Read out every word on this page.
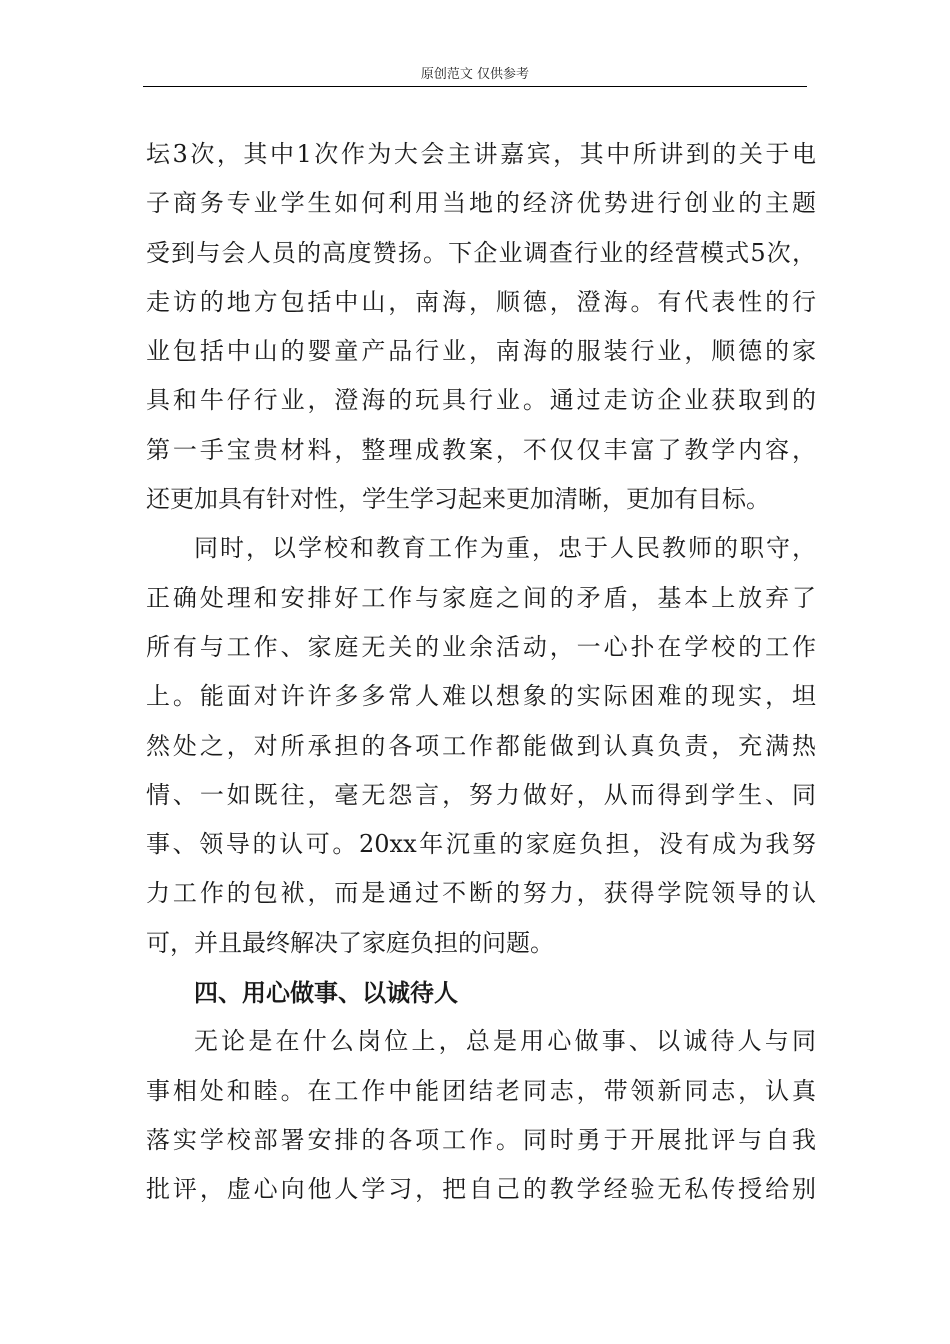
原创范文 仅供参考
坛3次，其中1次作为大会主讲嘉宾，其中所讲到的关于电
子商务专业学生如何利用当地的经济优势进行创业的主题
受到与会人员的高度赞扬。下企业调查行业的经营模式5次，
走访的地方包括中山，南海，顺德，澄海。有代表性的行
业包括中山的婴童产品行业，南海的服装行业，顺德的家
具和牛仔行业，澄海的玩具行业。通过走访企业获取到的
第一手宝贵材料，整理成教案，不仅仅丰富了教学内容，
还更加具有针对性，学生学习起来更加清晰，更加有目标。
同时，以学校和教育工作为重，忠于人民教师的职守，
正确处理和安排好工作与家庭之间的矛盾，基本上放弃了
所有与工作、家庭无关的业余活动，一心扑在学校的工作
上。能面对许许多多常人难以想象的实际困难的现实，坦
然处之，对所承担的各项工作都能做到认真负责，充满热
情、一如既往，毫无怨言，努力做好，从而得到学生、同
事、领导的认可。20xx年沉重的家庭负担，没有成为我努
力工作的包袱，而是通过不断的努力，获得学院领导的认
可，并且最终解决了家庭负担的问题。
四、用心做事、以诚待人
无论是在什么岗位上，总是用心做事、以诚待人与同
事相处和睦。在工作中能团结老同志，带领新同志，认真
落实学校部署安排的各项工作。同时勇于开展批评与自我
批评，虚心向他人学习，把自己的教学经验无私传授给别
